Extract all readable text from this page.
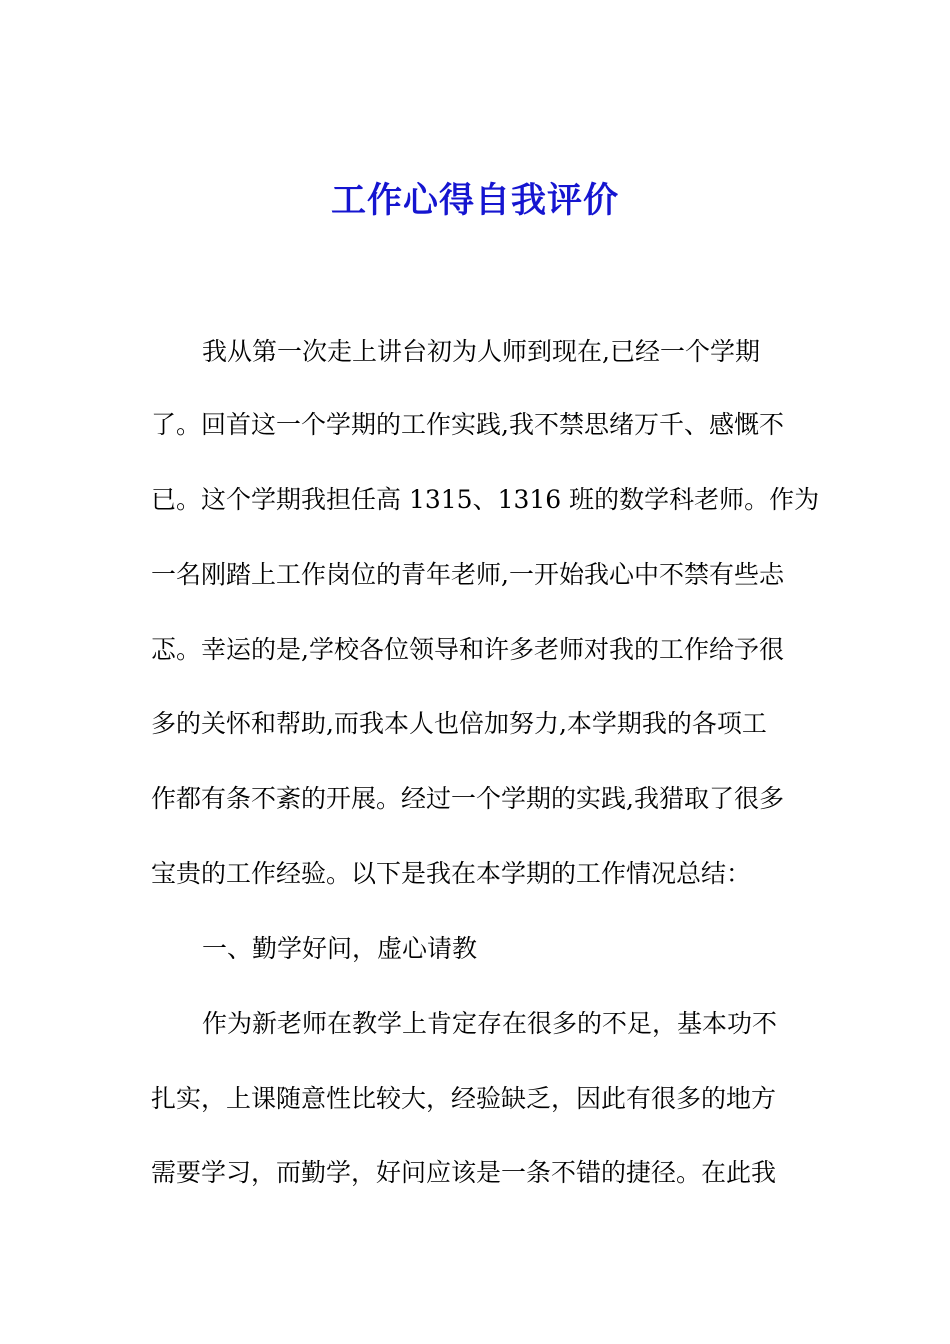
工作心得自我评价
我从第一次走上讲台初为人师到现在,已经一个学期
了。回首这一个学期的工作实践,我不禁思绪万千、感慨不
已。这个学期我担任高 1315、1316 班的数学科老师。作为
一名刚踏上工作岗位的青年老师,一开始我心中不禁有些忐
忑。幸运的是,学校各位领导和许多老师对我的工作给予很
多的关怀和帮助,而我本人也倍加努力,本学期我的各项工
作都有条不紊的开展。经过一个学期的实践,我猎取了很多
宝贵的工作经验。以下是我在本学期的工作情况总结：
一、勤学好问，虚心请教
作为新老师在教学上肯定存在很多的不足，基本功不
扎实，上课随意性比较大，经验缺乏，因此有很多的地方
需要学习，而勤学，好问应该是一条不错的捷径。在此我
